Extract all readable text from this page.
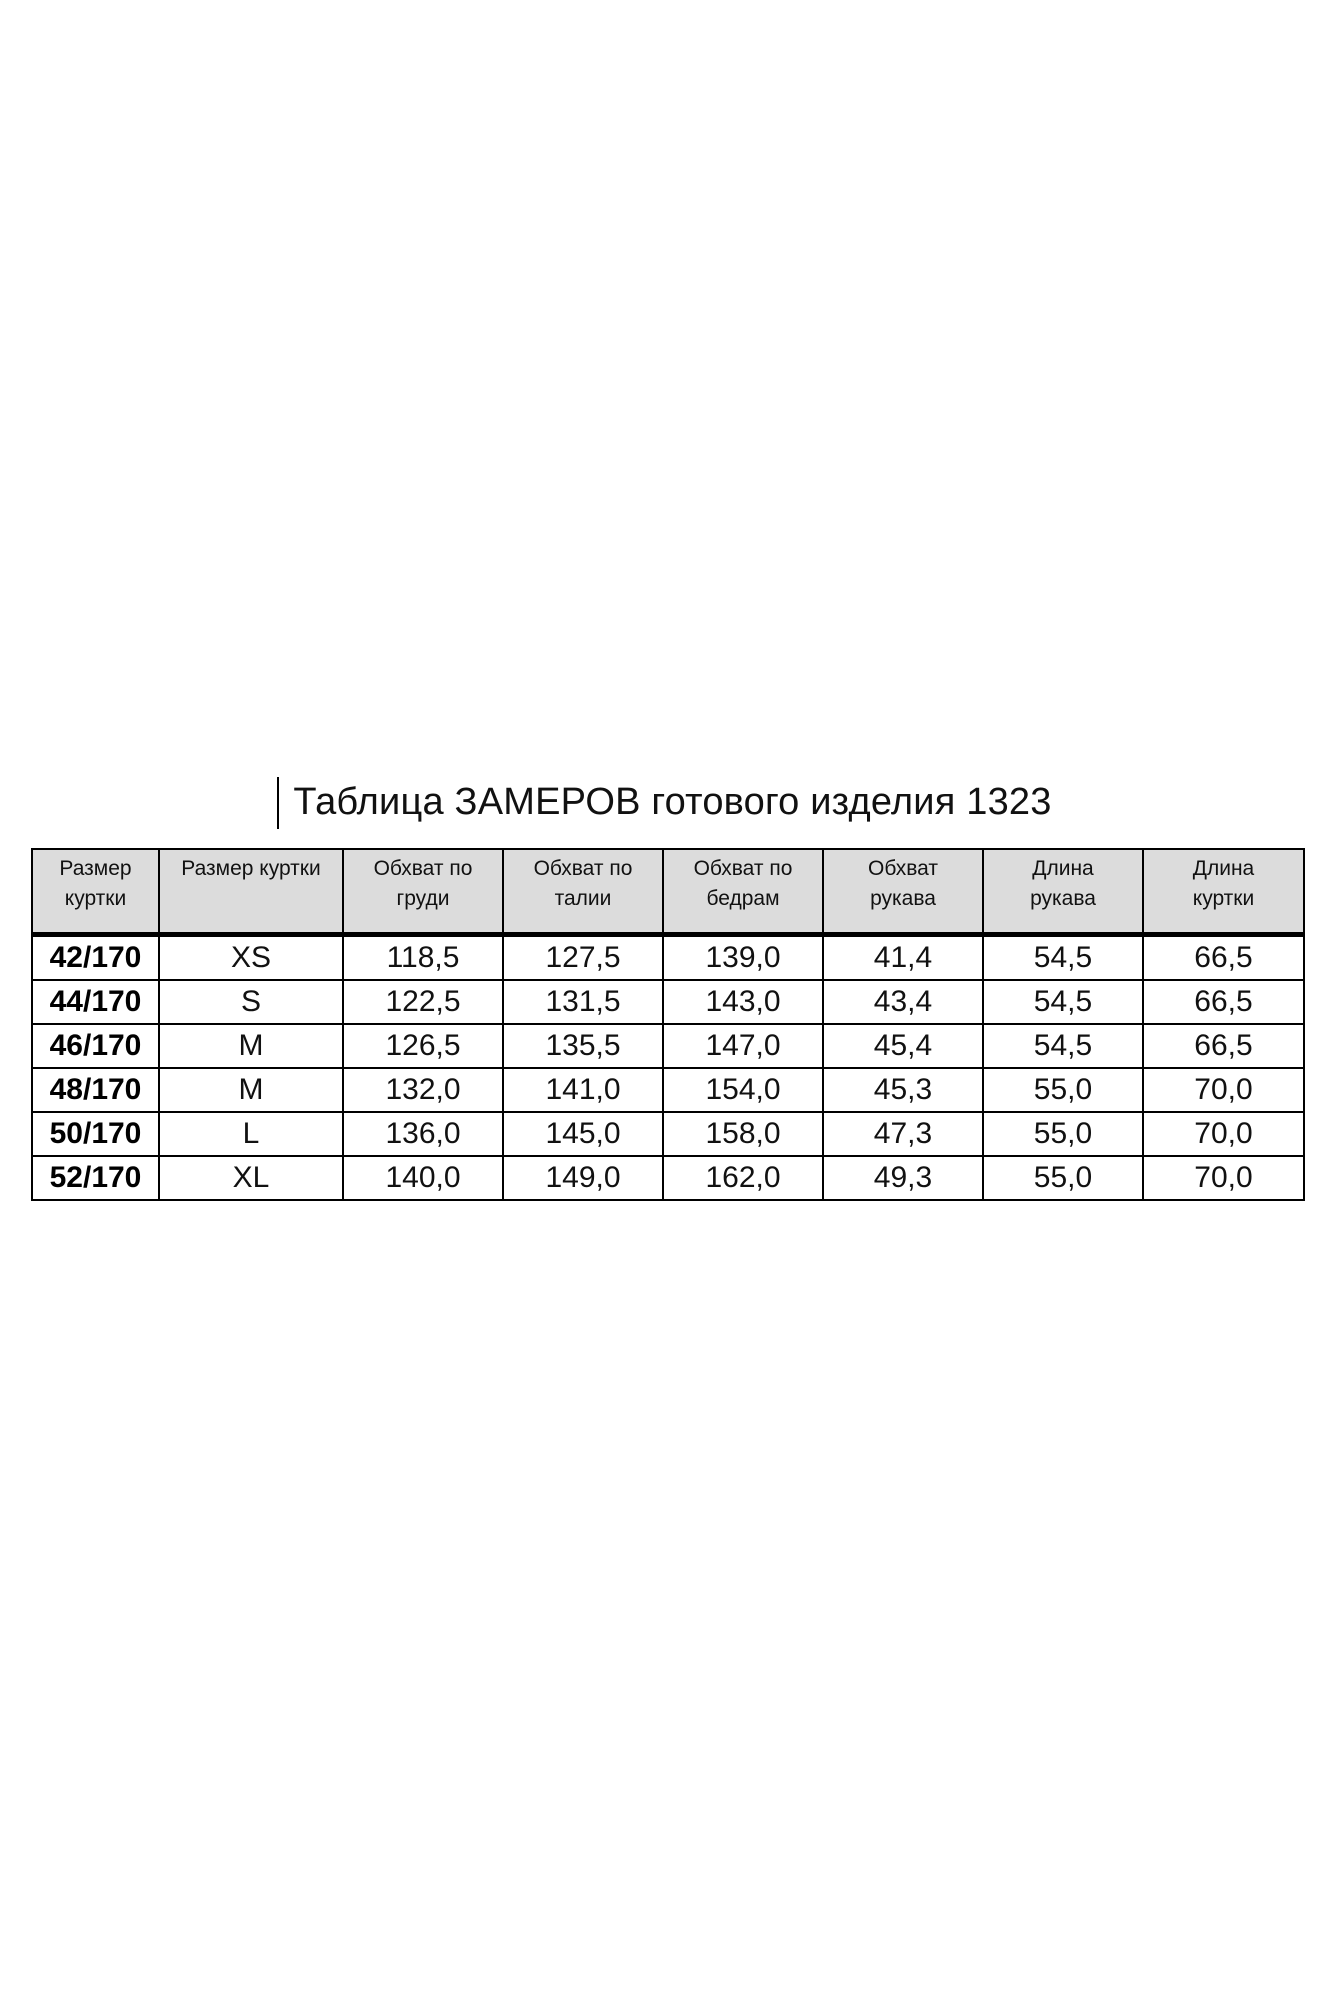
Таблица ЗАМЕРОВ готового изделия 1323
Размер куртки	Размер куртки	Обхват по груди	Обхват по талии	Обхват по бедрам	Обхват рукава	Длина рукава	Длина куртки
42/170	XS	118,5	127,5	139,0	41,4	54,5	66,5
44/170	S	122,5	131,5	143,0	43,4	54,5	66,5
46/170	M	126,5	135,5	147,0	45,4	54,5	66,5
48/170	M	132,0	141,0	154,0	45,3	55,0	70,0
50/170	L	136,0	145,0	158,0	47,3	55,0	70,0
52/170	XL	140,0	149,0	162,0	49,3	55,0	70,0
